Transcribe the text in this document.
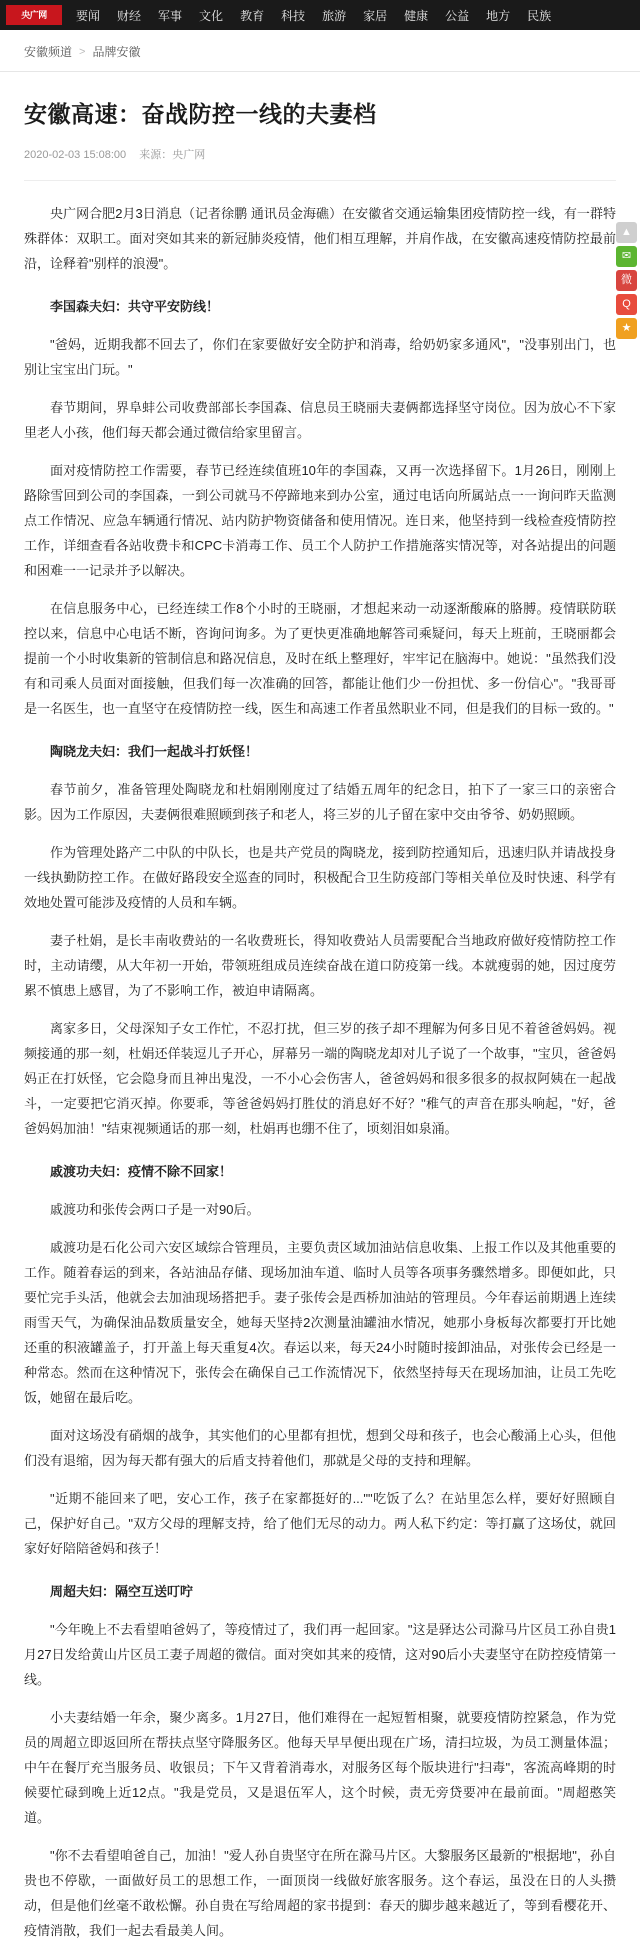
央广网	要闻 财经 军事 文化 教育 科技 旅游 家居 健康 公益 地方 民族
安徽频道 > 品牌安徽
安徽高速：奋战防控一线的夫妻档
2020-02-03 15:08:00 来源：央广网

央广网合肥2月3日消息（记者徐鹏 通讯员金海礁）在安徽省交通运输集团疫情防控一线，有一群特殊群体：双职工。面对突如其来的新冠肺炎疫情，他们相互理解，并肩作战，在安徽高速疫情防控最前沿，诠释着"别样的浪漫"。

李国森夫妇：共守平安防线！

"爸妈，近期我都不回去了，你们在家要做好安全防护和消毒，给奶奶家多通风"，"没事别出门，也别让宝宝出门玩。"

春节期间，界阜蚌公司收费部部长李国森、信息员王晓丽夫妻俩都选择坚守岗位。因为放心不下家里老人小孩，他们每天都会通过微信给家里留言。

面对疫情防控工作需要，春节已经连续值班10年的李国森，又再一次选择留下。1月26日，刚刚上路除雪回到公司的李国森，一到公司就马不停蹄地来到办公室，通过电话向所属站点一一询问昨天监测点工作情况、应急车辆通行情况、站内防护物资储备和使用情况。连日来，他坚持到一线检查疫情防控工作，详细查看各站收费卡和CPC卡消毒工作、员工个人防护工作措施落实情况等，对各站提出的问题和困难一一记录并予以解决。

在信息服务中心，已经连续工作8个小时的王晓丽，才想起来动一动逐渐酸麻的胳膊。疫情联防联控以来，信息中心电话不断，咨询问询多。为了更快更准确地解答司乘疑问，每天上班前，王晓丽都会提前一个小时收集新的管制信息和路况信息，及时在纸上整理好，牢牢记在脑海中。她说："虽然我们没有和司乘人员面对面接触，但我们每一次准确的回答，都能让他们少一份担忧、多一份信心"。"我哥哥是一名医生，也一直坚守在疫情防控一线，医生和高速工作者虽然职业不同，但是我们的目标一致的。"

陶晓龙夫妇：我们一起战斗打妖怪！

春节前夕，准备管理处陶晓龙和杜娟刚刚度过了结婚五周年的纪念日，拍下了一家三口的亲密合影。因为工作原因，夫妻俩很难照顾到孩子和老人，将三岁的儿子留在家中交由爷爷、奶奶照顾。

作为管理处路产二中队的中队长，也是共产党员的陶晓龙，接到防控通知后，迅速归队并请战投身一线执勤防控工作。在做好路段安全巡查的同时，积极配合卫生防疫部门等相关单位及时快速、科学有效地处置可能涉及疫情的人员和车辆。

妻子杜娟，是长丰南收费站的一名收费班长，得知收费站人员需要配合当地政府做好疫情防控工作时，主动请缨，从大年初一开始，带领班组成员连续奋战在道口防疫第一线。本就瘦弱的她，因过度劳累不慎患上感冒，为了不影响工作，被迫申请隔离。

离家多日，父母深知子女工作忙，不忍打扰，但三岁的孩子却不理解为何多日见不着爸爸妈妈。视频接通的那一刻，杜娟还佯装逗儿子开心，屏幕另一端的陶晓龙却对儿子说了一个故事，"宝贝，爸爸妈妈正在打妖怪，它会隐身而且神出鬼没，一不小心会伤害人，爸爸妈妈和很多很多的叔叔阿姨在一起战斗，一定要把它消灭掉。你要乖，等爸爸妈妈打胜仗的消息好不好？"稚气的声音在那头响起，"好，爸爸妈妈加油！"结束视频通话的那一刻，杜娟再也绷不住了，顷刻泪如泉涌。

戚渡功夫妇：疫情不除不回家！

戚渡功和张传会两口子是一对90后。

戚渡功是石化公司六安区域综合管理员，主要负责区域加油站信息收集、上报工作以及其他重要的工作。随着春运的到来，各站油品存储、现场加油车道、临时人员等各项事务骤然增多。即便如此，只要忙完手头活，他就会去加油现场搭把手。妻子张传会是西桥加油站的管理员。今年春运前期遇上连续雨雪天气，为确保油品数质量安全，她每天坚持2次测量油罐油水情况，她那小身板每次都要打开比她还重的积液罐盖子，打开盖上每天重复4次。春运以来，每天24小时随时接卸油品，对张传会已经是一种常态。然而在这种情况下，张传会在确保自己工作流情况下，依然坚持每天在现场加油，让员工先吃饭，她留在最后吃。

面对这场没有硝烟的战争，其实他们的心里都有担忧，想到父母和孩子，也会心酸涌上心头，但他们没有退缩，因为每天都有强大的后盾支持着他们，那就是父母的支持和理解。

"近期不能回来了吧，安心工作，孩子在家都挺好的...""吃饭了么？在站里怎么样，要好好照顾自己，保护好自己。"双方父母的理解支持，给了他们无尽的动力。两人私下约定：等打赢了这场仗，就回家好好陪陪爸妈和孩子！

周超夫妇：隔空互送叮咛

"今年晚上不去看望咱爸妈了，等疫情过了，我们再一起回家。"这是驿达公司滁马片区员工孙自贵1月27日发给黄山片区员工妻子周超的微信。面对突如其来的疫情，这对90后小夫妻坚守在防控疫情第一线。

小夫妻结婚一年余，聚少离多。1月27日，他们难得在一起短暂相聚，就要疫情防控紧急，作为党员的周超立即返回所在帮扶点坚守降服务区。他每天早早便出现在广场，清扫垃圾，为员工测量体温；中午在餐厅充当服务员、收银员；下午又背着消毒水，对服务区每个版块进行"扫毒"，客流高峰期的时候要忙碌到晚上近12点。"我是党员，又是退伍军人，这个时候，责无旁贷要冲在最前面。"周超憨笑道。

"你不去看望咱爸自己，加油！"爱人孙自贵坚守在所在滁马片区。大黎服务区最新的"根据地"，孙自贵也不停歇，一面做好员工的思想工作，一面顶岗一线做好旅客服务。这个春运，虽没在日的人头攒动，但是他们丝毫不敢松懈。孙自贵在写给周超的家书提到：春天的脚步越来越近了，等到看樱花开、疫情消散，我们一起去看最美人间。

▲
✉
微
Q
★
